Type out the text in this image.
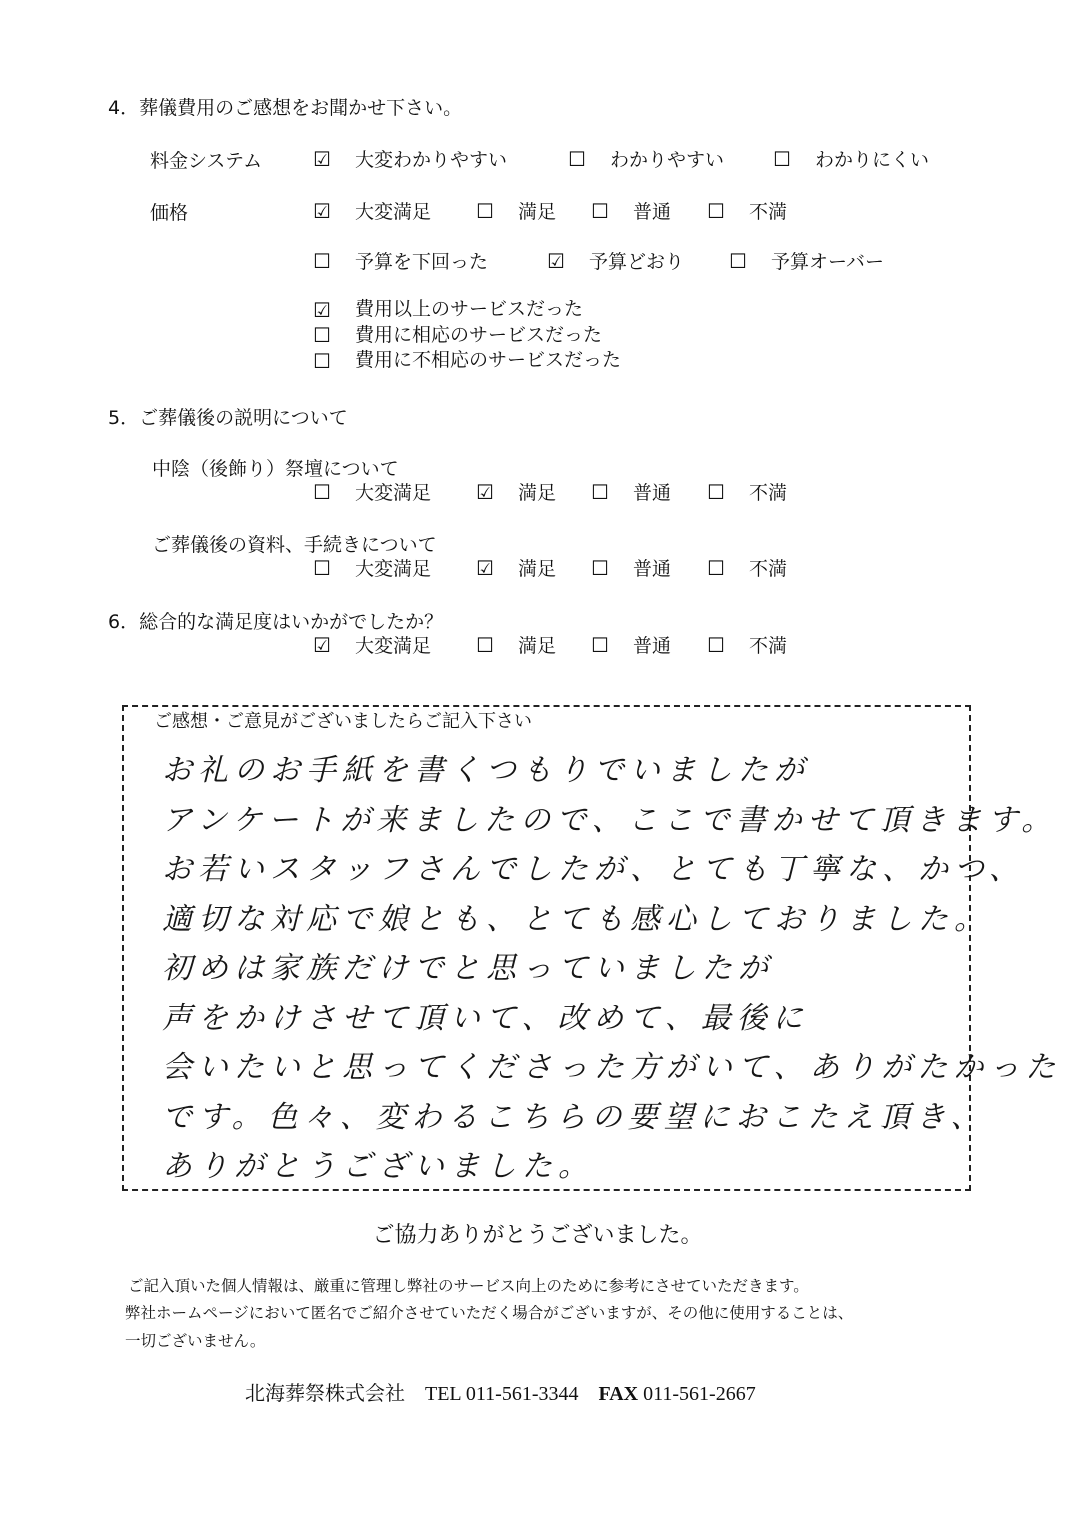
4．葬儀費用のご感想をお聞かせ下さい。
料金システム	☑ 大変わかりやすい	☐ わかりやすい ☐ わかりにくい
価格	☑ 大変満足 ☐ 満足 ☐ 普通 ☐ 不満
☐ 予算を下回った	☑ 予算どおり ☐ 予算オーバー
☑ 費用以上のサービスだった
☐ 費用に相応のサービスだった
☐ 費用に不相応のサービスだった
5．ご葬儀後の説明について
中陰（後飾り）祭壇について
☐ 大変満足 ☑ 満足 ☐ 普通 ☐ 不満
ご葬儀後の資料、手続きについて
☐ 大変満足 ☑ 満足 ☐ 普通 ☐ 不満
6．総合的な満足度はいかがでしたか？
☑ 大変満足 ☐ 満足 ☐ 普通 ☐ 不満
ご感想・ご意見がございましたらご記入下さい
お礼のお手紙を書くつもりでいましたが
アンケートが来ましたので、ここで書かせて頂きます。
お若いスタッフさんでしたが、とても丁寧な、かつ、
適切な対応で娘とも、とても感心しておりました。
初めは家族だけでと思っていましたが
声をかけさせて頂いて、改めて、最後に
会いたいと思ってくださった方がいて、ありがたかった
です。色々、変わるこちらの要望におこたえ頂き、
ありがとうございました。
ご協力ありがとうございました。
ご記入頂いた個人情報は、厳重に管理し弊社のサービス向上のために参考にさせていただきます。
弊社ホームページにおいて匿名でご紹介させていただく場合がございますが、その他に使用することは、
一切ございません。
北海葬祭株式会社 TEL 011-561-3344 FAX 011-561-2667
